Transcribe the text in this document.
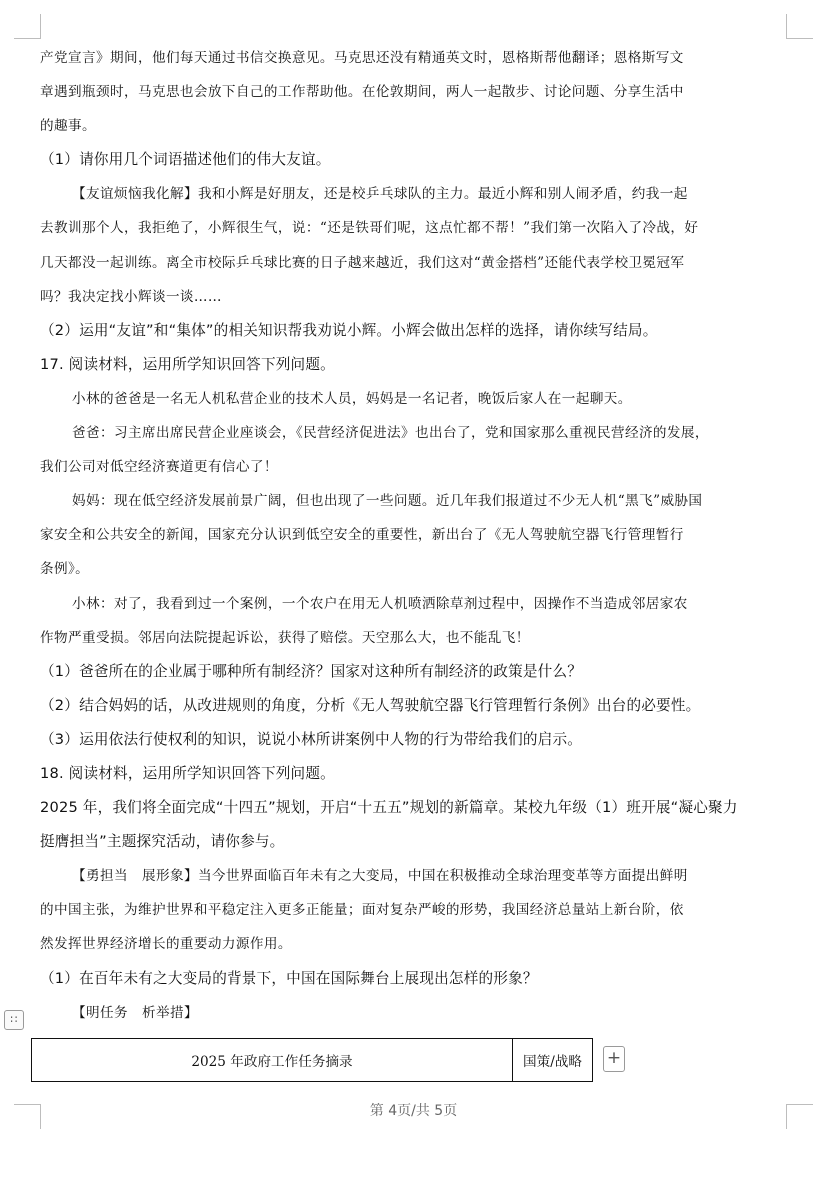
产党宣言》期间，他们每天通过书信交换意见。马克思还没有精通英文时，恩格斯帮他翻译；恩格斯写文
章遇到瓶颈时，马克思也会放下自己的工作帮助他。在伦敦期间，两人一起散步、讨论问题、分享生活中
的趣事。
（1）请你用几个词语描述他们的伟大友谊。
【友谊烦恼我化解】我和小辉是好朋友，还是校乒乓球队的主力。最近小辉和别人闹矛盾，约我一起
去教训那个人，我拒绝了，小辉很生气，说：“还是铁哥们呢，这点忙都不帮！”我们第一次陷入了冷战，好
几天都没一起训练。离全市校际乒乓球比赛的日子越来越近，我们这对“黄金搭档”还能代表学校卫冕冠军
吗？我决定找小辉谈一谈……
（2）运用“友谊”和“集体”的相关知识帮我劝说小辉。小辉会做出怎样的选择，请你续写结局。
17. 阅读材料，运用所学知识回答下列问题。
小林的爸爸是一名无人机私营企业的技术人员，妈妈是一名记者，晚饭后家人在一起聊天。
爸爸：习主席出席民营企业座谈会，《民营经济促进法》也出台了，党和国家那么重视民营经济的发展，
我们公司对低空经济赛道更有信心了！
妈妈：现在低空经济发展前景广阔，但也出现了一些问题。近几年我们报道过不少无人机“黑飞”威胁国
家安全和公共安全的新闻，国家充分认识到低空安全的重要性，新出台了《无人驾驶航空器飞行管理暂行
条例》。
小林：对了，我看到过一个案例，一个农户在用无人机喷洒除草剂过程中，因操作不当造成邻居家农
作物严重受损。邻居向法院提起诉讼，获得了赔偿。天空那么大，也不能乱飞！
（1）爸爸所在的企业属于哪种所有制经济？国家对这种所有制经济的政策是什么？
（2）结合妈妈的话，从改进规则的角度，分析《无人驾驶航空器飞行管理暂行条例》出台的必要性。
（3）运用依法行使权利的知识，说说小林所讲案例中人物的行为带给我们的启示。
18. 阅读材料，运用所学知识回答下列问题。
2025 年，我们将全面完成“十四五”规划，开启“十五五”规划的新篇章。某校九年级（1）班开展“凝心聚力
挺膺担当”主题探究活动，请你参与。
【勇担当　展形象】当今世界面临百年未有之大变局，中国在积极推动全球治理变革等方面提出鲜明
的中国主张，为维护世界和平稳定注入更多正能量；面对复杂严峻的形势，我国经济总量站上新台阶，依
然发挥世界经济增长的重要动力源作用。
（1）在百年未有之大变局的背景下，中国在国际舞台上展现出怎样的形象？
【明任务　析举措】
∷
2025 年政府工作任务摘录	国策/战略	+
第 4页/共 5页
